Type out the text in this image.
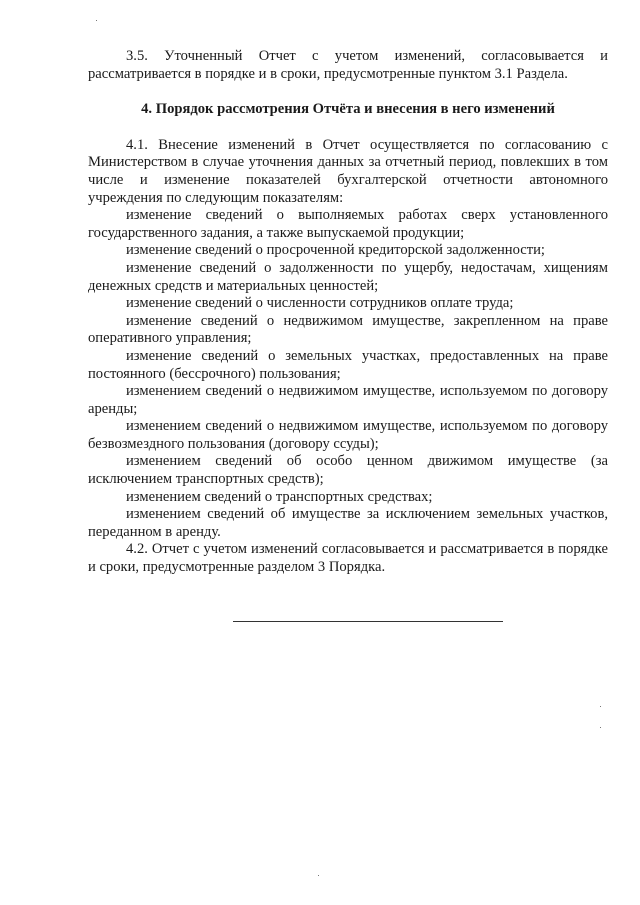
3.5. Уточненный Отчет с учетом изменений, согласовывается и рассматривается в порядке и в сроки, предусмотренные пунктом 3.1 Раздела.

4. Порядок рассмотрения Отчёта и внесения в него изменений

4.1. Внесение изменений в Отчет осуществляется по согласованию с Министерством в случае уточнения данных за отчетный период, повлекших в том числе и изменение показателей бухгалтерской отчетности автономного учреждения по следующим показателям:

изменение сведений о выполняемых работах сверх установленного государственного задания, а также выпускаемой продукции;

изменение сведений о просроченной кредиторской задолженности;

изменение сведений о задолженности по ущербу, недостачам, хищениям денежных средств и материальных ценностей;

изменение сведений о численности сотрудников оплате труда;

изменение сведений о недвижимом имуществе, закрепленном на праве оперативного управления;

изменение сведений о земельных участках, предоставленных на праве постоянного (бессрочного) пользования;

изменением сведений о недвижимом имуществе, используемом по договору аренды;

изменением сведений о недвижимом имуществе, используемом по договору безвозмездного пользования (договору ссуды);

изменением сведений об особо ценном движимом имуществе (за исключением транспортных средств);

изменением сведений о транспортных средствах;

изменением сведений об имуществе за исключением земельных участков, переданном в аренду.

4.2. Отчет с учетом изменений согласовывается и рассматривается в порядке и сроки, предусмотренные разделом 3 Порядка.
